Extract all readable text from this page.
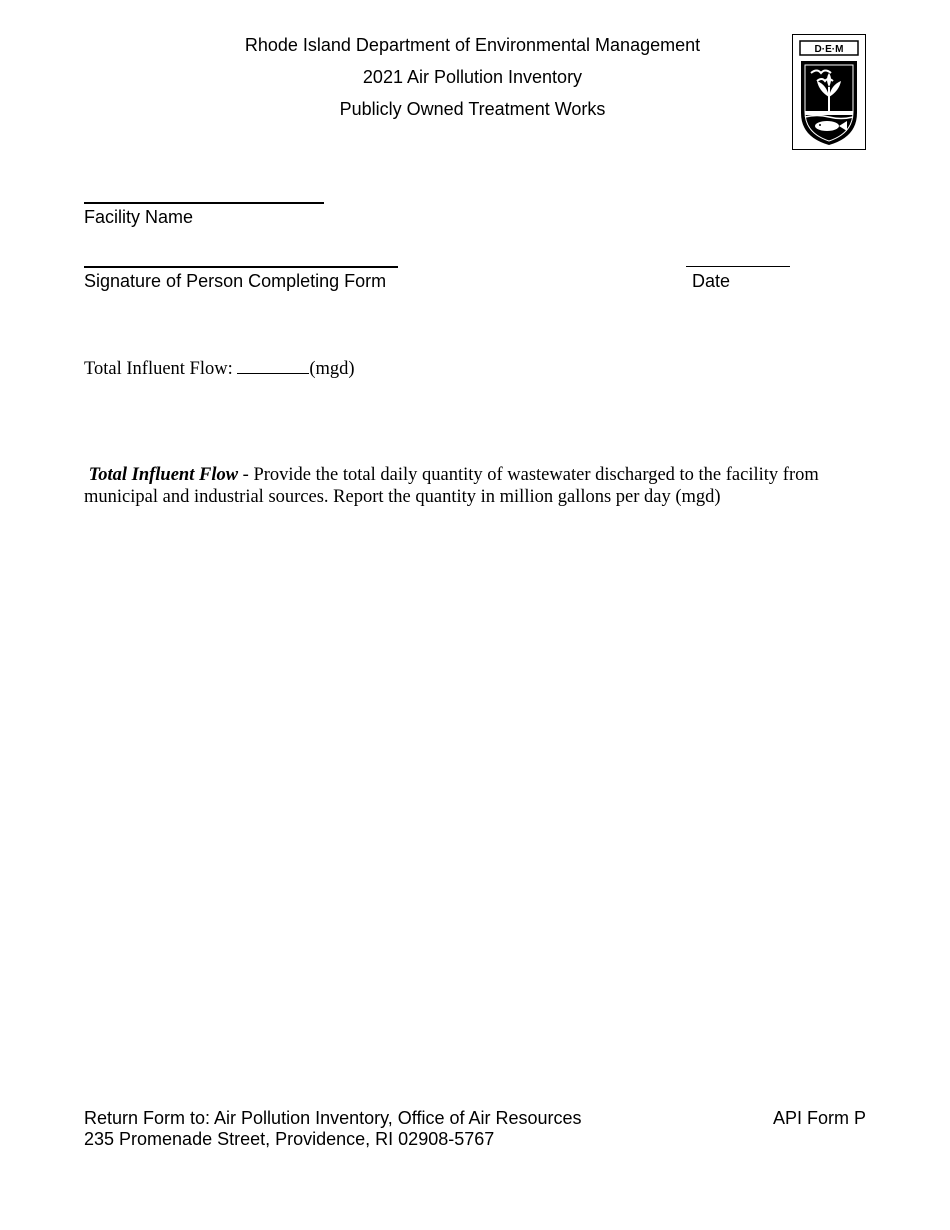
Rhode Island Department of Environmental Management
2021 Air Pollution Inventory
Publicly Owned Treatment Works
D·E·M
Facility Name
Signature of Person Completing Form	Date
Total Influent Flow:	(mgd)
Total Influent Flow - Provide the total daily quantity of wastewater discharged to the facility from municipal and industrial sources. Report the quantity in million gallons per day (mgd)
Return Form to: Air Pollution Inventory, Office of Air Resources
235 Promenade Street, Providence, RI 02908-5767
API Form P
